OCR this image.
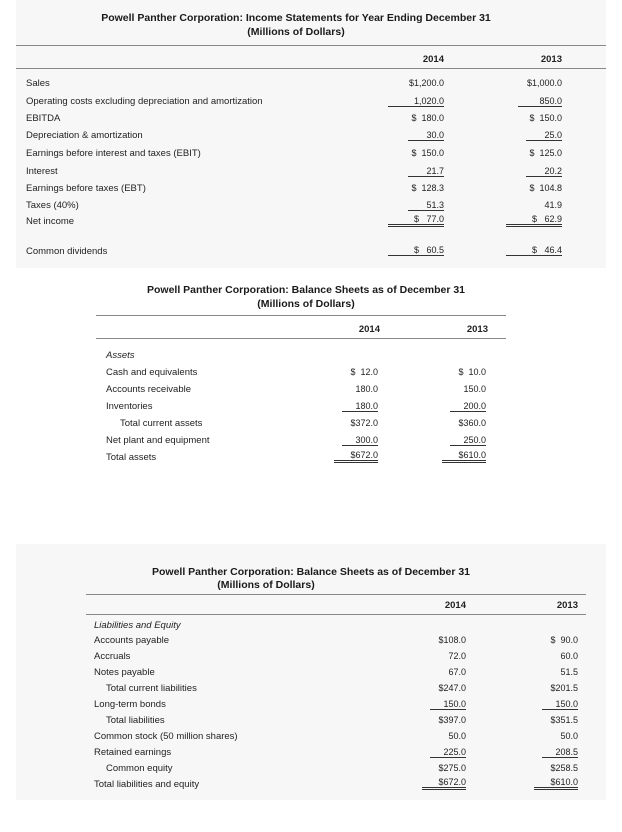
Powell Panther Corporation: Income Statements for Year Ending December 31
(Millions of Dollars)
2014	2013
Sales	$1,200.0	$1,000.0
Operating costs excluding depreciation and amortization	1,020.0	850.0
EBITDA	$  180.0	$  150.0
Depreciation & amortization	30.0	25.0
Earnings before interest and taxes (EBIT)	$  150.0	$  125.0
Interest	21.7	20.2
Earnings before taxes (EBT)	$  128.3	$  104.8
Taxes (40%)	51.3	41.9
Net income	$   77.0	$   62.9
Common dividends	$   60.5	$   46.4
Powell Panther Corporation: Balance Sheets as of December 31
(Millions of Dollars)
2014	2013
Assets
Cash and equivalents	$  12.0	$  10.0
Accounts receivable	180.0	150.0
Inventories	180.0	200.0
Total current assets	$372.0	$360.0
Net plant and equipment	300.0	250.0
Total assets	$672.0	$610.0
Powell Panther Corporation: Balance Sheets as of December 31
(Millions of Dollars)
2014	2013
Liabilities and Equity
Accounts payable	$108.0	$  90.0
Accruals	72.0	60.0
Notes payable	67.0	51.5
Total current liabilities	$247.0	$201.5
Long-term bonds	150.0	150.0
Total liabilities	$397.0	$351.5
Common stock (50 million shares)	50.0	50.0
Retained earnings	225.0	208.5
Common equity	$275.0	$258.5
Total liabilities and equity	$672.0	$610.0
